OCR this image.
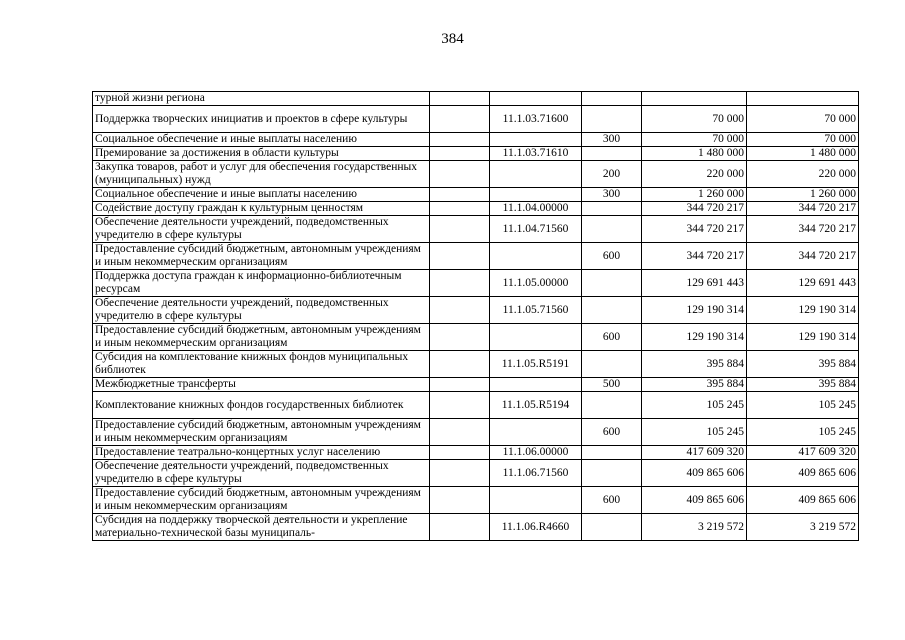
384
турной жизни региона					
Поддержка творческих инициатив и проектов в сфере культуры		11.1.03.71600		70 000	70 000
Социальное обеспечение и иные выплаты населению			300	70 000	70 000
Премирование за достижения в области культуры		11.1.03.71610		1 480 000	1 480 000
Закупка товаров, работ и услуг для обеспечения государственных (муниципальных) нужд			200	220 000	220 000
Социальное обеспечение и иные выплаты населению			300	1 260 000	1 260 000
Содействие доступу граждан к культурным ценностям		11.1.04.00000		344 720 217	344 720 217
Обеспечение деятельности учреждений, подведомственных учредителю в сфере культуры		11.1.04.71560		344 720 217	344 720 217
Предоставление субсидий бюджетным, автономным учреждениям и иным некоммерческим организациям			600	344 720 217	344 720 217
Поддержка доступа граждан к информационно-библиотечным ресурсам		11.1.05.00000		129 691 443	129 691 443
Обеспечение деятельности учреждений, подведомственных учредителю в сфере культуры		11.1.05.71560		129 190 314	129 190 314
Предоставление субсидий бюджетным, автономным учреждениям и иным некоммерческим организациям			600	129 190 314	129 190 314
Субсидия на комплектование книжных фондов муниципальных библиотек		11.1.05.R5191		395 884	395 884
Межбюджетные трансферты			500	395 884	395 884
Комплектование книжных фондов государственных библиотек		11.1.05.R5194		105 245	105 245
Предоставление субсидий бюджетным, автономным учреждениям и иным некоммерческим организациям			600	105 245	105 245
Предоставление театрально-концертных услуг населению		11.1.06.00000		417 609 320	417 609 320
Обеспечение деятельности учреждений, подведомственных учредителю в сфере культуры		11.1.06.71560		409 865 606	409 865 606
Предоставление субсидий бюджетным, автономным учреждениям и иным некоммерческим организациям			600	409 865 606	409 865 606
Субсидия на поддержку творческой деятельности и укрепление материально-технической базы муниципаль-		11.1.06.R4660		3 219 572	3 219 572
